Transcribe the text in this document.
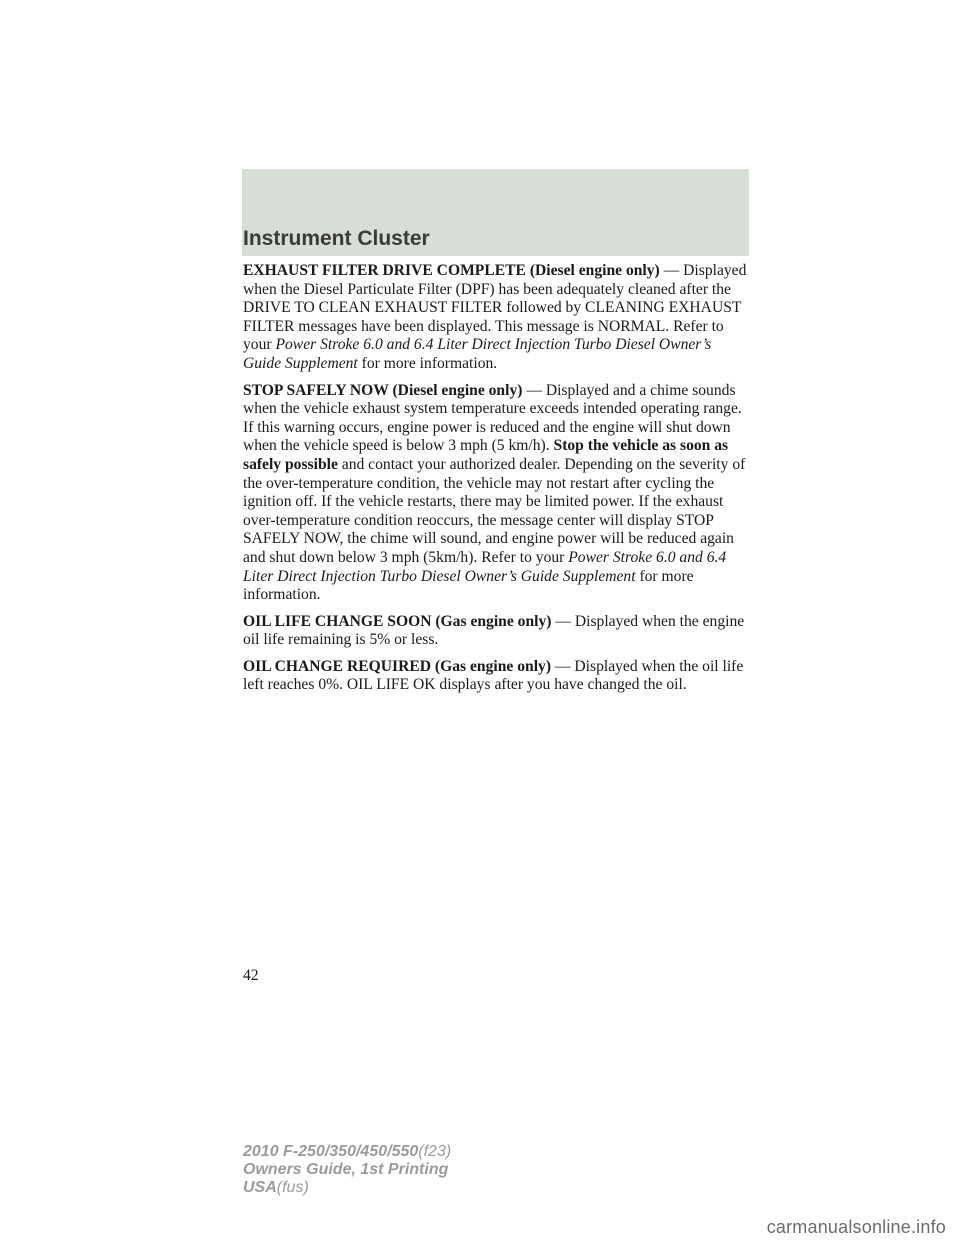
Instrument Cluster

EXHAUST FILTER DRIVE COMPLETE (Diesel engine only) — Displayed when the Diesel Particulate Filter (DPF) has been adequately cleaned after the DRIVE TO CLEAN EXHAUST FILTER followed by CLEANING EXHAUST FILTER messages have been displayed. This message is NORMAL. Refer to your Power Stroke 6.0 and 6.4 Liter Direct Injection Turbo Diesel Owner’s Guide Supplement for more information.

STOP SAFELY NOW (Diesel engine only) — Displayed and a chime sounds when the vehicle exhaust system temperature exceeds intended operating range. If this warning occurs, engine power is reduced and the engine will shut down when the vehicle speed is below 3 mph (5 km/h). Stop the vehicle as soon as safely possible and contact your authorized dealer. Depending on the severity of the over-temperature condition, the vehicle may not restart after cycling the ignition off. If the vehicle restarts, there may be limited power. If the exhaust over-temperature condition reoccurs, the message center will display STOP SAFELY NOW, the chime will sound, and engine power will be reduced again and shut down below 3 mph (5km/h). Refer to your Power Stroke 6.0 and 6.4 Liter Direct Injection Turbo Diesel Owner’s Guide Supplement for more information.

OIL LIFE CHANGE SOON (Gas engine only) — Displayed when the engine oil life remaining is 5% or less.

OIL CHANGE REQUIRED (Gas engine only) — Displayed when the oil life left reaches 0%. OIL LIFE OK displays after you have changed the oil.

42
2010 F-250/350/450/550(f23)
Owners Guide, 1st Printing
USA(fus)
carmanualsonline.info
